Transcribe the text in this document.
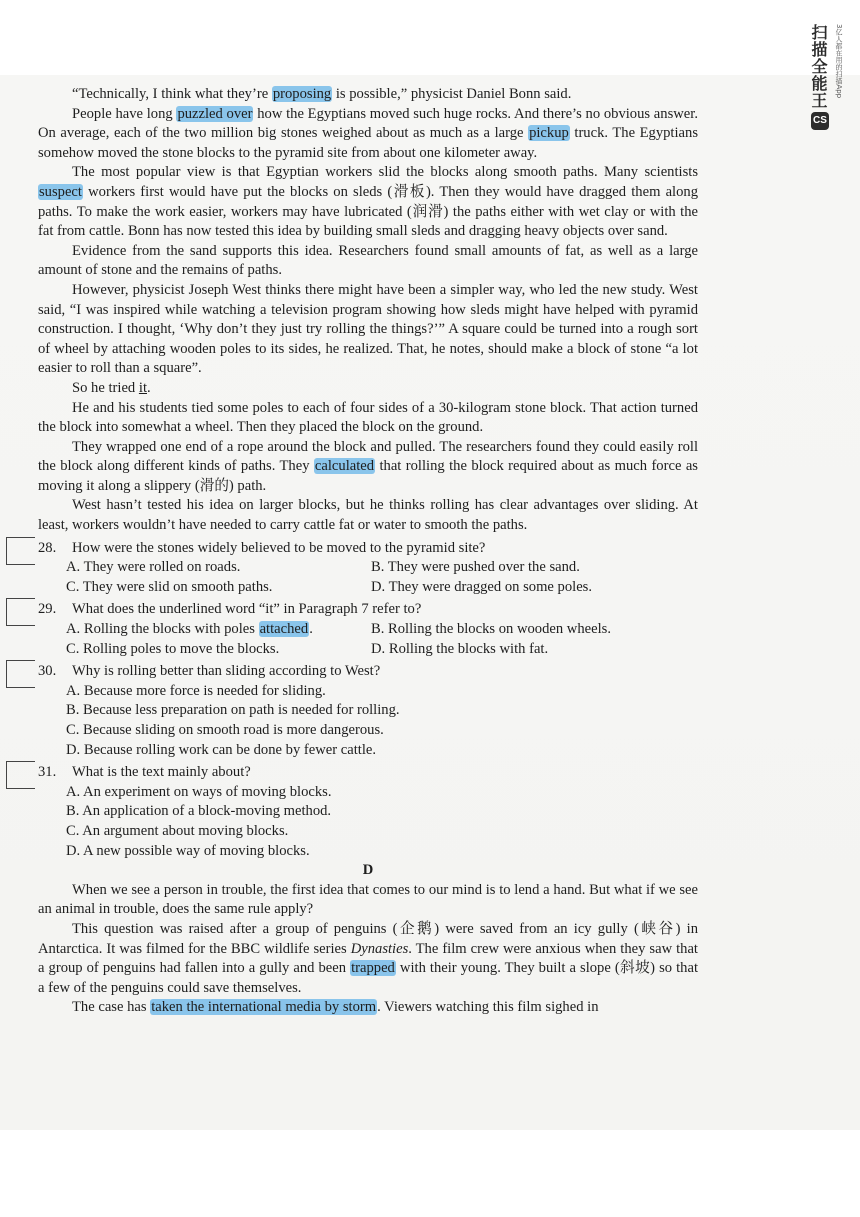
扫描全能王 3亿人都在用的扫描App
CS

“Technically, I think what they’re proposing is possible,” physicist Daniel Bonn said.

People have long puzzled over how the Egyptians moved such huge rocks. And there’s no obvious answer. On average, each of the two million big stones weighed about as much as a large pickup truck. The Egyptians somehow moved the stone blocks to the pyramid site from about one kilometer away.

The most popular view is that Egyptian workers slid the blocks along smooth paths. Many scientists suspect workers first would have put the blocks on sleds (滑板). Then they would have dragged them along paths. To make the work easier, workers may have lubricated (润滑) the paths either with wet clay or with the fat from cattle. Bonn has now tested this idea by building small sleds and dragging heavy objects over sand.

Evidence from the sand supports this idea. Researchers found small amounts of fat, as well as a large amount of stone and the remains of paths.

However, physicist Joseph West thinks there might have been a simpler way, who led the new study. West said, “I was inspired while watching a television program showing how sleds might have helped with pyramid construction. I thought, ‘Why don’t they just try rolling the things?’” A square could be turned into a rough sort of wheel by attaching wooden poles to its sides, he realized. That, he notes, should make a block of stone “a lot easier to roll than a square”.

So he tried it.

He and his students tied some poles to each of four sides of a 30-kilogram stone block. That action turned the block into somewhat a wheel. Then they placed the block on the ground.

They wrapped one end of a rope around the block and pulled. The researchers found they could easily roll the block along different kinds of paths. They calculated that rolling the block required about as much force as moving it along a slippery (滑的) path.

West hasn’t tested his idea on larger blocks, but he thinks rolling has clear advantages over sliding. At least, workers wouldn’t have needed to carry cattle fat or water to smooth the paths.

28. How were the stones widely believed to be moved to the pyramid site?
A. They were rolled on roads.	B. They were pushed over the sand.
C. They were slid on smooth paths.	D. They were dragged on some poles.
29. What does the underlined word “it” in Paragraph 7 refer to?
A. Rolling the blocks with poles attached.	B. Rolling the blocks on wooden wheels.
C. Rolling poles to move the blocks.	D. Rolling the blocks with fat.
30. Why is rolling better than sliding according to West?
A. Because more force is needed for sliding.
B. Because less preparation on path is needed for rolling.
C. Because sliding on smooth road is more dangerous.
D. Because rolling work can be done by fewer cattle.
31. What is the text mainly about?
A. An experiment on ways of moving blocks.
B. An application of a block-moving method.
C. An argument about moving blocks.
D. A new possible way of moving blocks.

D

When we see a person in trouble, the first idea that comes to our mind is to lend a hand. But what if we see an animal in trouble, does the same rule apply?

This question was raised after a group of penguins (企鹅) were saved from an icy gully (峡谷) in Antarctica. It was filmed for the BBC wildlife series Dynasties. The film crew were anxious when they saw that a group of penguins had fallen into a gully and been trapped with their young. They built a slope (斜坡) so that a few of the penguins could save themselves.

The case has taken the international media by storm. Viewers watching this film sighed in
